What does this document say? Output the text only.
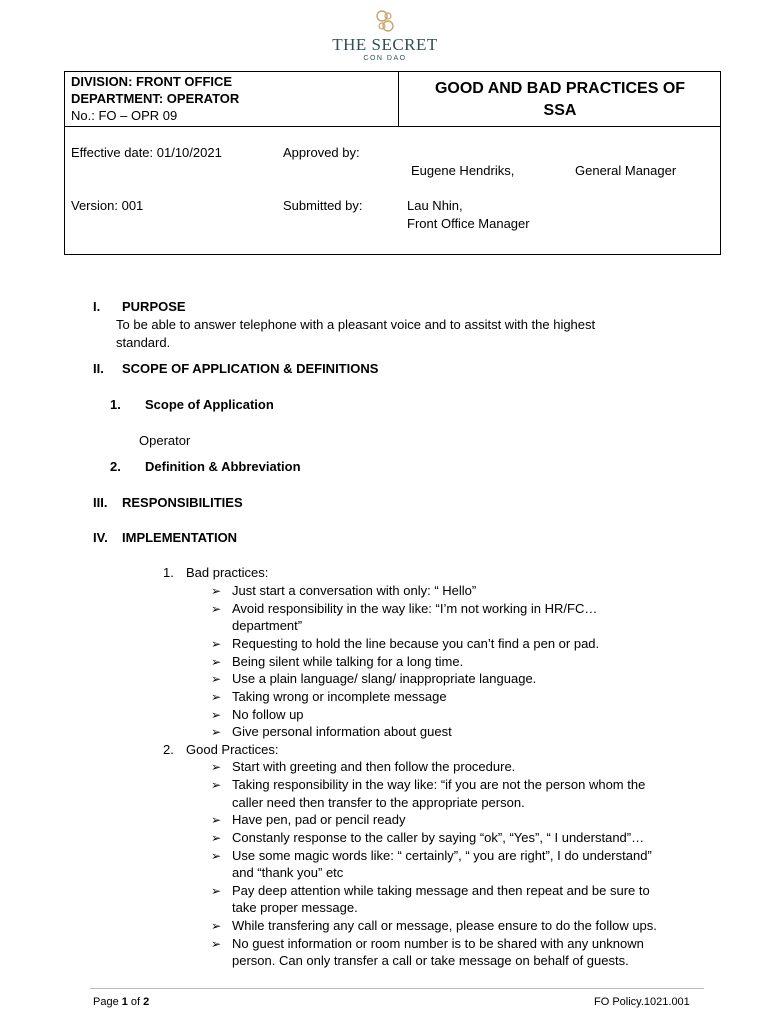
THE SECRET
CON DAO
DIVISION: FRONT OFFICE
DEPARTMENT: OPERATOR
No.: FO – OPR 09
GOOD AND BAD PRACTICES OF
SSA
Effective date: 01/10/2021	Approved by:
Eugene Hendriks,	General Manager
Version: 001	Submitted by:	Lau Nhin,
Front Office Manager
I. PURPOSE
To be able to answer telephone with a pleasant voice and to assitst with the highest
standard.
II. SCOPE OF APPLICATION & DEFINITIONS
1. Scope of Application
Operator
2. Definition & Abbreviation
III. RESPONSIBILITIES
IV. IMPLEMENTATION
1. Bad practices:
➢ Just start a conversation with only: “ Hello”
➢ Avoid responsibility in the way like: “I’m not working in HR/FC…
department”
➢ Requesting to hold the line because you can’t find a pen or pad.
➢ Being silent while talking for a long time.
➢ Use a plain language/ slang/ inappropriate language.
➢ Taking wrong or incomplete message
➢ No follow up
➢ Give personal information about guest
2. Good Practices:
➢ Start with greeting and then follow the procedure.
➢ Taking responsibility in the way like: “if you are not the person whom the
caller need then transfer to the appropriate person.
➢ Have pen, pad or pencil ready
➢ Constanly response to the caller by saying “ok”, “Yes”, “ I understand”…
➢ Use some magic words like: “ certainly”, “ you are right”, I do understand”
and “thank you” etc
➢ Pay deep attention while taking message and then repeat and be sure to
take proper message.
➢ While transfering any call or message, please ensure to do the follow ups.
➢ No guest information or room number is to be shared with any unknown
person. Can only transfer a call or take message on behalf of guests.
Page 1 of 2	FO Policy.1021.001
